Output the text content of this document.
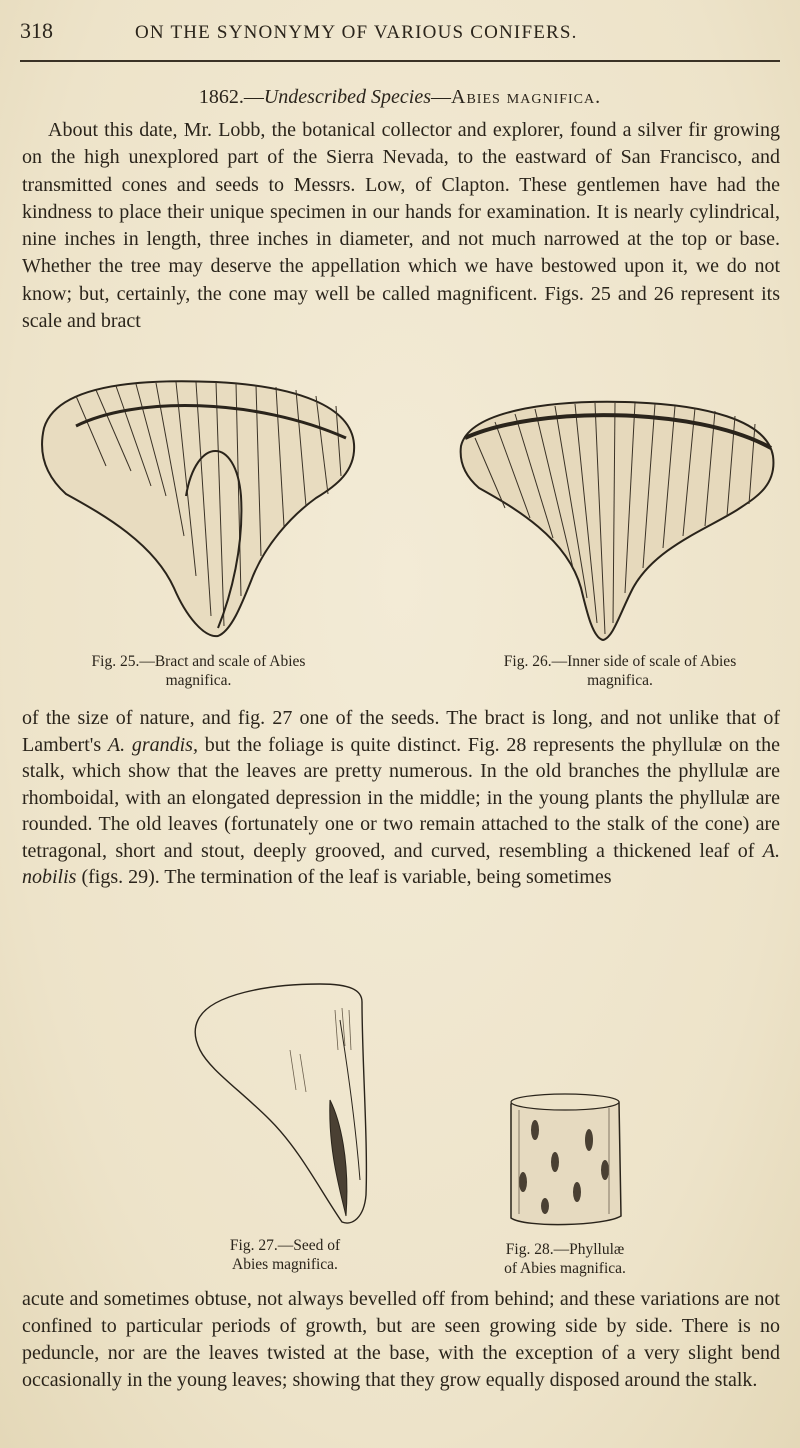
318	ON THE SYNONYMY OF VARIOUS CONIFERS.
1862.—Undescribed Species—Abies magnifica.

About this date, Mr. Lobb, the botanical collector and explorer, found a silver fir growing on the high unexplored part of the Sierra Nevada, to the eastward of San Francisco, and transmitted cones and seeds to Messrs. Low, of Clapton. These gentlemen have had the kindness to place their unique specimen in our hands for examination. It is nearly cylindrical, nine inches in length, three inches in diameter, and not much narrowed at the top or base. Whether the tree may deserve the appellation which we have bestowed upon it, we do not know; but, certainly, the cone may well be called magnificent. Figs. 25 and 26 represent its scale and bract

Fig. 25.—Bract and scale of Abies
magnifica.
Fig. 26.—Inner side of scale of Abies
magnifica.

of the size of nature, and fig. 27 one of the seeds. The bract is long, and not unlike that of Lambert's A. grandis, but the foliage is quite distinct. Fig. 28 represents the phyllulæ on the stalk, which show that the leaves are pretty numerous. In the old branches the phyllulæ are rhomboidal, with an elongated depression in the middle; in the young plants the phyllulæ are rounded. The old leaves (fortunately one or two remain attached to the stalk of the cone) are tetragonal, short and stout, deeply grooved, and curved, resembling a thickened leaf of A. nobilis (figs. 29). The termination of the leaf is variable, being sometimes

Fig. 27.—Seed of
Abies magnifica.
Fig. 28.—Phyllulæ
of Abies magnifica.

acute and sometimes obtuse, not always bevelled off from behind; and these variations are not confined to particular periods of growth, but are seen growing side by side. There is no peduncle, nor are the leaves twisted at the base, with the exception of a very slight bend occasionally in the young leaves; showing that they grow equally disposed around the stalk.
